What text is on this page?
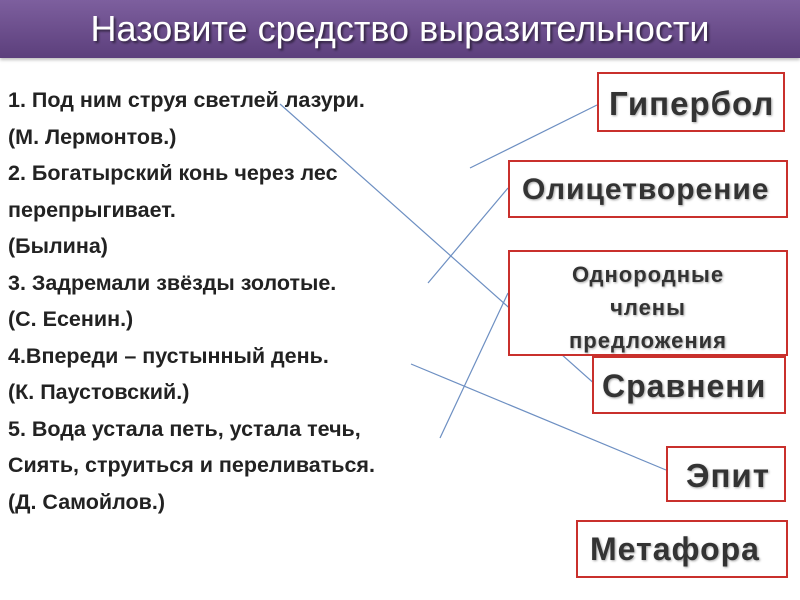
Назовите средство выразительности
1. Под ним струя светлей лазури.
(М. Лермонтов.)
2. Богатырский конь через лес
перепрыгивает.
(Былина)
3. Задремали звёзды золотые.
(С. Есенин.)
4.Впереди – пустынный день.
(К. Паустовский.)
5. Вода устала петь, устала течь,
Сиять, струиться и переливаться.
(Д. Самойлов.)
Гипербол
Олицетворение
Однородные члены предложения
Сравнени
Эпит
Метафора
